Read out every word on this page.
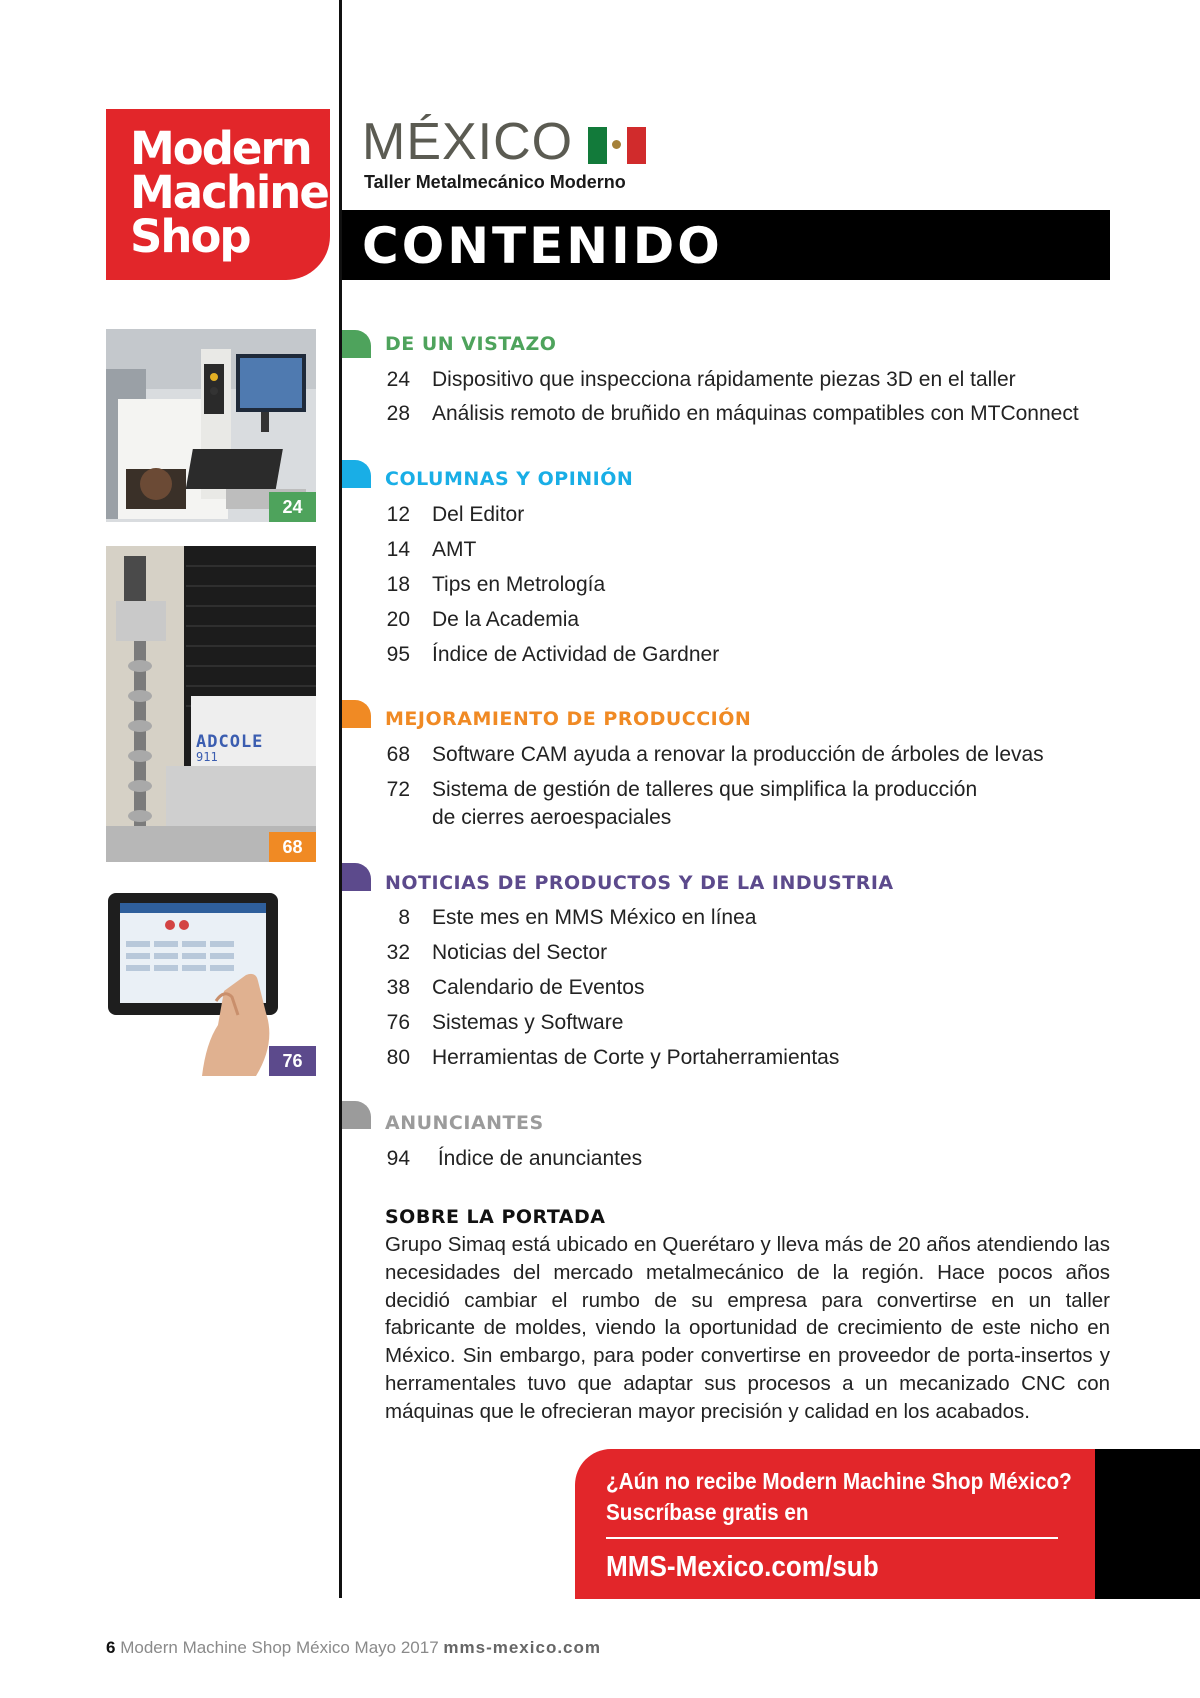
Modern
Machine
Shop
MÉXICO
Taller Metalmecánico Moderno
CONTENIDO
24
ADCOLE
911
68
76
DE UN VISTAZO
24 Dispositivo que inspecciona rápidamente piezas 3D en el taller
28 Análisis remoto de bruñido en máquinas compatibles con MTConnect
COLUMNAS Y OPINIÓN
12 Del Editor
14 AMT
18 Tips en Metrología
20 De la Academia
95 Índice de Actividad de Gardner
MEJORAMIENTO DE PRODUCCIÓN
68 Software CAM ayuda a renovar la producción de árboles de levas
72 Sistema de gestión de talleres que simplifica la producción
de cierres aeroespaciales
NOTICIAS DE PRODUCTOS Y DE LA INDUSTRIA
8 Este mes en MMS México en línea
32 Noticias del Sector
38 Calendario de Eventos
76 Sistemas y Software
80 Herramientas de Corte y Portaherramientas
ANUNCIANTES
94 Índice de anunciantes
SOBRE LA PORTADA
Grupo Simaq está ubicado en Querétaro y lleva más de 20 años atendiendo las necesidades del mercado metalmecánico de la región. Hace pocos años decidió cambiar el rumbo de su empresa para convertirse en un taller fabricante de moldes, viendo la oportunidad de crecimiento de este nicho en México. Sin embargo, para poder convertirse en proveedor de porta-insertos y herramentales tuvo que adaptar sus procesos a un mecanizado CNC con máquinas que le ofrecieran mayor precisión y calidad en los acabados.
¿Aún no recibe Modern Machine Shop México?
Suscríbase gratis en
MMS-Mexico.com/sub
6 Modern Machine Shop México Mayo 2017 mms-mexico.com
